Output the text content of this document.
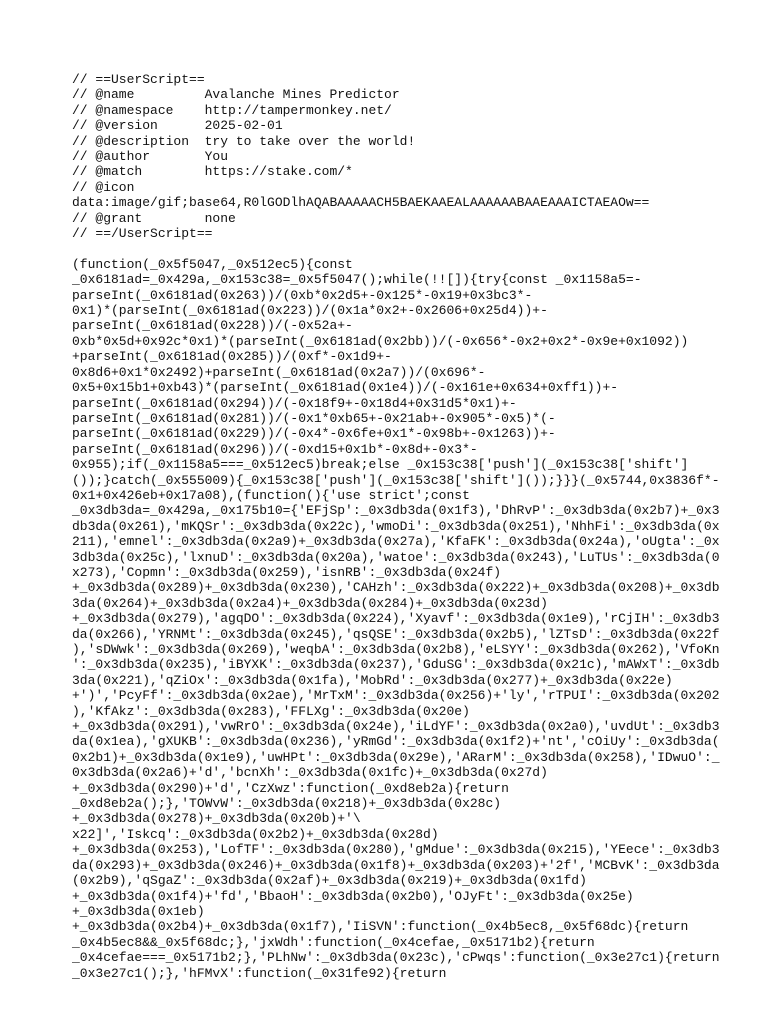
// ==UserScript==
// @name         Avalanche Mines Predictor
// @namespace    http://tampermonkey.net/
// @version      2025-02-01
// @description  try to take over the world!
// @author       You
// @match        https://stake.com/*
// @icon
data:image/gif;base64,R0lGODlhAQABAAAAACH5BAEKAAEALAAAAAABAAEAAAICTAEAOw==
// @grant        none
// ==/UserScript==
(function(_0x5f5047,_0x512ec5){const
_0x6181ad=_0x429a,_0x153c38=_0x5f5047();while(!![]){try{const _0x1158a5=-
parseInt(_0x6181ad(0x263))/(0xb*0x2d5+-0x125*-0x19+0x3bc3*-
0x1)*(parseInt(_0x6181ad(0x223))/(0x1a*0x2+-0x2606+0x25d4))+-
parseInt(_0x6181ad(0x228))/(-0x52a+-
0xb*0x5d+0x92c*0x1)*(parseInt(_0x6181ad(0x2bb))/(-0x656*-0x2+0x2*-0x9e+0x1092))
+parseInt(_0x6181ad(0x285))/(0xf*-0x1d9+-
0x8d6+0x1*0x2492)+parseInt(_0x6181ad(0x2a7))/(0x696*-
0x5+0x15b1+0xb43)*(parseInt(_0x6181ad(0x1e4))/(-0x161e+0x634+0xff1))+-
parseInt(_0x6181ad(0x294))/(-0x18f9+-0x18d4+0x31d5*0x1)+-
parseInt(_0x6181ad(0x281))/(-0x1*0xb65+-0x21ab+-0x905*-0x5)*(-
parseInt(_0x6181ad(0x229))/(-0x4*-0x6fe+0x1*-0x98b+-0x1263))+-
parseInt(_0x6181ad(0x296))/(-0xd15+0x1b*-0x8d+-0x3*-
0x955);if(_0x1158a5===_0x512ec5)break;else _0x153c38['push'](_0x153c38['shift']
());}catch(_0x555009){_0x153c38['push'](_0x153c38['shift']());}}}(_0x5744,0x3836f*-
0x1+0x426eb+0x17a08),(function(){'use strict';const
_0x3db3da=_0x429a,_0x175b10={'EFjSp':_0x3db3da(0x1f3),'DhRvP':_0x3db3da(0x2b7)+_0x3
db3da(0x261),'mKQSr':_0x3db3da(0x22c),'wmoDi':_0x3db3da(0x251),'NhhFi':_0x3db3da(0x
211),'emnel':_0x3db3da(0x2a9)+_0x3db3da(0x27a),'KfaFK':_0x3db3da(0x24a),'oUgta':_0x
3db3da(0x25c),'lxnuD':_0x3db3da(0x20a),'watoe':_0x3db3da(0x243),'LuTUs':_0x3db3da(0
x273),'Copmn':_0x3db3da(0x259),'isnRB':_0x3db3da(0x24f)
+_0x3db3da(0x289)+_0x3db3da(0x230),'CAHzh':_0x3db3da(0x222)+_0x3db3da(0x208)+_0x3db
3da(0x264)+_0x3db3da(0x2a4)+_0x3db3da(0x284)+_0x3db3da(0x23d)
+_0x3db3da(0x279),'agqDO':_0x3db3da(0x224),'Xyavf':_0x3db3da(0x1e9),'rCjIH':_0x3db3
da(0x266),'YRNMt':_0x3db3da(0x245),'qsQSE':_0x3db3da(0x2b5),'lZTsD':_0x3db3da(0x22f
),'sDWwk':_0x3db3da(0x269),'weqbA':_0x3db3da(0x2b8),'eLSYY':_0x3db3da(0x262),'VfoKn
':_0x3db3da(0x235),'iBYXK':_0x3db3da(0x237),'GduSG':_0x3db3da(0x21c),'mAWxT':_0x3db
3da(0x221),'qZiOx':_0x3db3da(0x1fa),'MobRd':_0x3db3da(0x277)+_0x3db3da(0x22e)
+')','PcyFf':_0x3db3da(0x2ae),'MrTxM':_0x3db3da(0x256)+'ly','rTPUI':_0x3db3da(0x202
),'KfAkz':_0x3db3da(0x283),'FFLXg':_0x3db3da(0x20e)
+_0x3db3da(0x291),'vwRrO':_0x3db3da(0x24e),'iLdYF':_0x3db3da(0x2a0),'uvdUt':_0x3db3
da(0x1ea),'gXUKB':_0x3db3da(0x236),'yRmGd':_0x3db3da(0x1f2)+'nt','cOiUy':_0x3db3da(
0x2b1)+_0x3db3da(0x1e9),'uwHPt':_0x3db3da(0x29e),'ARarM':_0x3db3da(0x258),'IDwuO':_
0x3db3da(0x2a6)+'d','bcnXh':_0x3db3da(0x1fc)+_0x3db3da(0x27d)
+_0x3db3da(0x290)+'d','CzXwz':function(_0xd8eb2a){return
_0xd8eb2a();},'TOWvW':_0x3db3da(0x218)+_0x3db3da(0x28c)
+_0x3db3da(0x278)+_0x3db3da(0x20b)+'\
x22]','Iskcq':_0x3db3da(0x2b2)+_0x3db3da(0x28d)
+_0x3db3da(0x253),'LofTF':_0x3db3da(0x280),'gMdue':_0x3db3da(0x215),'YEece':_0x3db3
da(0x293)+_0x3db3da(0x246)+_0x3db3da(0x1f8)+_0x3db3da(0x203)+'2f','MCBvK':_0x3db3da
(0x2b9),'qSgaZ':_0x3db3da(0x2af)+_0x3db3da(0x219)+_0x3db3da(0x1fd)
+_0x3db3da(0x1f4)+'fd','BbaoH':_0x3db3da(0x2b0),'OJyFt':_0x3db3da(0x25e)
+_0x3db3da(0x1eb)
+_0x3db3da(0x2b4)+_0x3db3da(0x1f7),'IiSVN':function(_0x4b5ec8,_0x5f68dc){return
_0x4b5ec8&&_0x5f68dc;},'jxWdh':function(_0x4cefae,_0x5171b2){return
_0x4cefae===_0x5171b2;},'PLhNw':_0x3db3da(0x23c),'cPwqs':function(_0x3e27c1){return
_0x3e27c1();},'hFMvX':function(_0x31fe92){return
